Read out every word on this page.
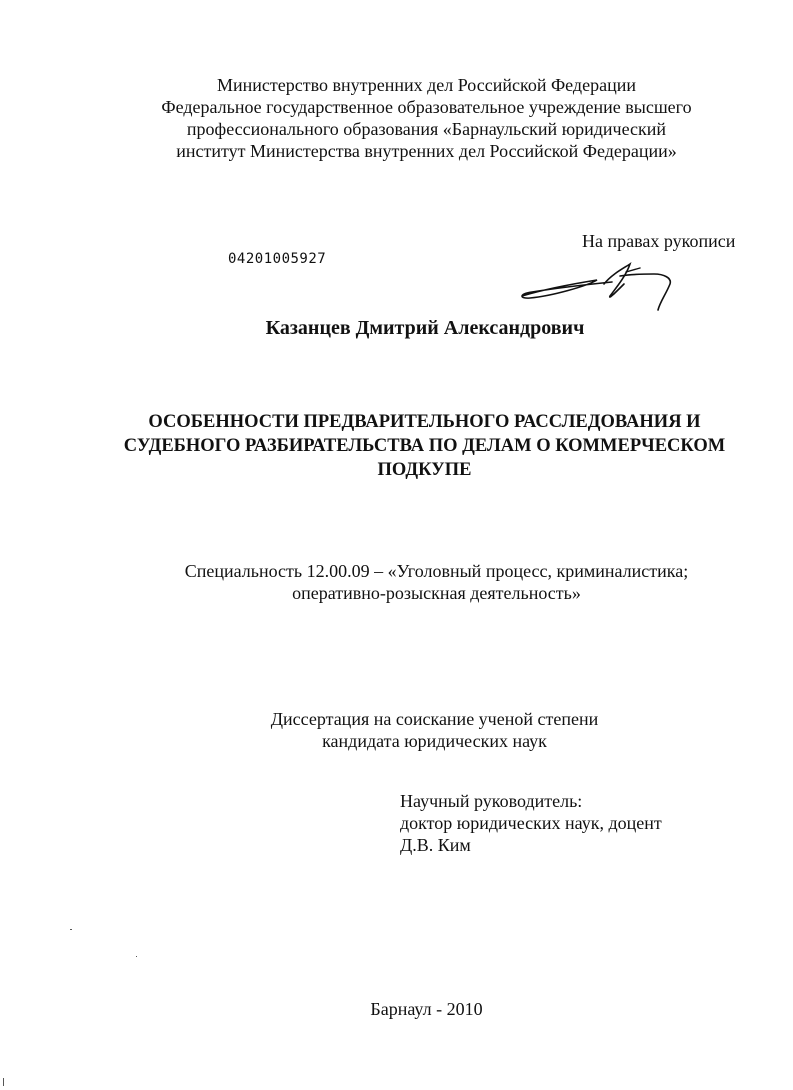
Министерство внутренних дел Российской Федерации
Федеральное государственное образовательное учреждение высшего
профессионального образования «Барнаульский юридический
институт Министерства внутренних дел Российской Федерации»
На правах рукописи
04201005927
Казанцев Дмитрий Александрович
ОСОБЕННОСТИ ПРЕДВАРИТЕЛЬНОГО РАССЛЕДОВАНИЯ И
СУДЕБНОГО РАЗБИРАТЕЛЬСТВА ПО ДЕЛАМ О КОММЕРЧЕСКОМ
ПОДКУПЕ
Специальность 12.00.09 – «Уголовный процесс, криминалистика;
оперативно-розыскная деятельность»
Диссертация на соискание ученой степени
кандидата юридических наук
Научный руководитель:
доктор юридических наук, доцент
Д.В. Ким
Барнаул - 2010
